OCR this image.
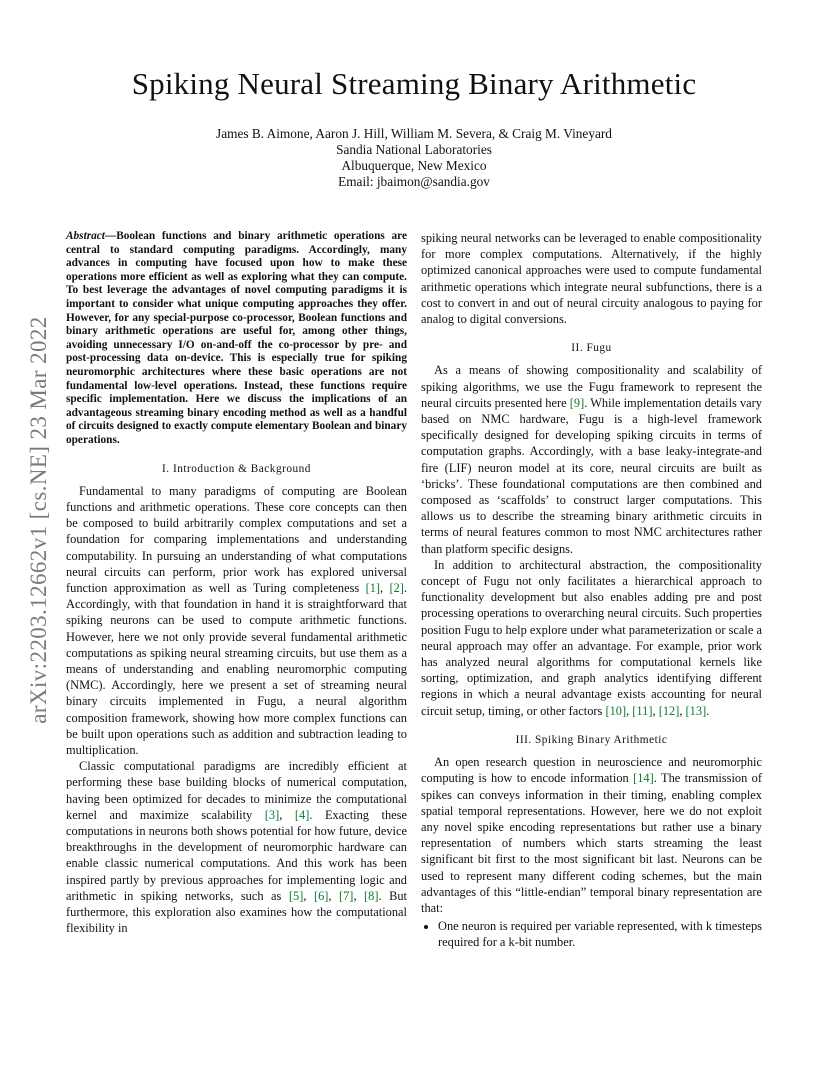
arXiv:2203.12662v1 [cs.NE] 23 Mar 2022
Spiking Neural Streaming Binary Arithmetic
James B. Aimone, Aaron J. Hill, William M. Severa, & Craig M. Vineyard
Sandia National Laboratories
Albuquerque, New Mexico
Email: jbaimon@sandia.gov

Abstract—Boolean functions and binary arithmetic operations are central to standard computing paradigms. Accordingly, many advances in computing have focused upon how to make these operations more efficient as well as exploring what they can compute. To best leverage the advantages of novel computing paradigms it is important to consider what unique computing approaches they offer. However, for any special-purpose co-processor, Boolean functions and binary arithmetic operations are useful for, among other things, avoiding unnecessary I/O on-and-off the co-processor by pre- and post-processing data on-device. This is especially true for spiking neuromorphic architectures where these basic operations are not fundamental low-level operations. Instead, these functions require specific implementation. Here we discuss the implications of an advantageous streaming binary encoding method as well as a handful of circuits designed to exactly compute elementary Boolean and binary operations.

I. Introduction & Background

Fundamental to many paradigms of computing are Boolean functions and arithmetic operations. These core concepts can then be composed to build arbitrarily complex computations and set a foundation for comparing implementations and understanding computability. In pursuing an understanding of what computations neural circuits can perform, prior work has explored universal function approximation as well as Turing completeness [1], [2]. Accordingly, with that foundation in hand it is straightforward that spiking neurons can be used to compute arithmetic functions. However, here we not only provide several fundamental arithmetic computations as spiking neural streaming circuits, but use them as a means of understanding and enabling neuromorphic computing (NMC). Accordingly, here we present a set of streaming neural binary circuits implemented in Fugu, a neural algorithm composition framework, showing how more complex functions can be built upon operations such as addition and subtraction leading to multiplication.

Classic computational paradigms are incredibly efficient at performing these base building blocks of numerical computation, having been optimized for decades to minimize the computational kernel and maximize scalability [3], [4]. Exacting these computations in neurons both shows potential for how future, device breakthroughs in the development of neuromorphic hardware can enable classic numerical computations. And this work has been inspired partly by previous approaches for implementing logic and arithmetic in spiking networks, such as [5], [6], [7], [8]. But furthermore, this exploration also examines how the computational flexibility in

spiking neural networks can be leveraged to enable compositionality for more complex computations. Alternatively, if the highly optimized canonical approaches were used to compute fundamental arithmetic operations which integrate neural subfunctions, there is a cost to convert in and out of neural circuity analogous to paying for analog to digital conversions.

II. Fugu

As a means of showing compositionality and scalability of spiking algorithms, we use the Fugu framework to represent the neural circuits presented here [9]. While implementation details vary based on NMC hardware, Fugu is a high-level framework specifically designed for developing spiking circuits in terms of computation graphs. Accordingly, with a base leaky-integrate-and fire (LIF) neuron model at its core, neural circuits are built as ‘bricks’. These foundational computations are then combined and composed as ‘scaffolds’ to construct larger computations. This allows us to describe the streaming binary arithmetic circuits in terms of neural features common to most NMC architectures rather than platform specific designs.

In addition to architectural abstraction, the compositionality concept of Fugu not only facilitates a hierarchical approach to functionality development but also enables adding pre and post processing operations to overarching neural circuits. Such properties position Fugu to help explore under what parameterization or scale a neural approach may offer an advantage. For example, prior work has analyzed neural algorithms for computational kernels like sorting, optimization, and graph analytics identifying different regions in which a neural advantage exists accounting for neural circuit setup, timing, or other factors [10], [11], [12], [13].

III. Spiking Binary Arithmetic

An open research question in neuroscience and neuromorphic computing is how to encode information [14]. The transmission of spikes can conveys information in their timing, enabling complex spatial temporal representations. However, here we do not exploit any novel spike encoding representations but rather use a binary representation of numbers which starts streaming the least significant bit first to the most significant bit last. Neurons can be used to represent many different coding schemes, but the main advantages of this “little-endian” temporal binary representation are that:

• One neuron is required per variable represented, with k timesteps required for a k-bit number.
